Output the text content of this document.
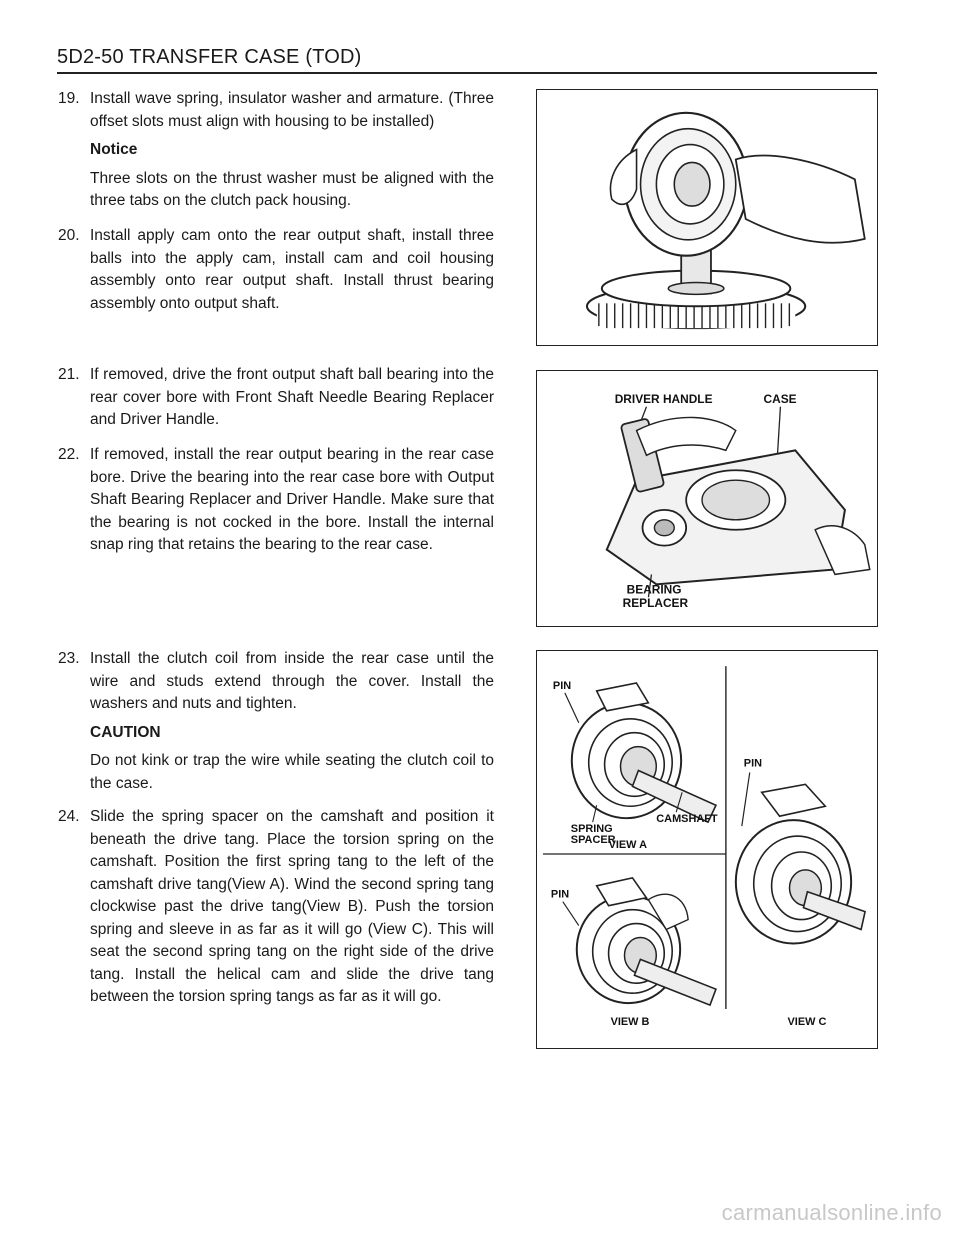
5D2-50 TRANSFER CASE (TOD)
19. Install wave spring, insulator washer and armature. (Three offset slots must align with housing to be installed)
Notice
Three slots on the thrust washer must be aligned with the three tabs on the clutch pack housing.
20. Install apply cam onto the rear output shaft, install three balls into the apply cam, install cam and coil housing assembly onto rear output shaft. Install thrust bearing assembly onto output shaft.
21. If removed, drive the front output shaft ball bearing into the rear cover bore with Front Shaft Needle Bearing Replacer and Driver Handle.
22. If removed, install the rear output bearing in the rear case bore. Drive the bearing into the rear case bore with Output Shaft Bearing Replacer and Driver Handle. Make sure that the bearing is not cocked in the bore. Install the internal snap ring that retains the bearing to the rear case.
23. Install the clutch coil from inside the rear case until the wire and studs extend through the cover. Install the washers and nuts and tighten.
CAUTION
Do not kink or trap the wire while seating the clutch coil to the case.
24. Slide the spring spacer on the camshaft and position it beneath the drive tang. Place the torsion spring on the camshaft. Position the first spring tang to the left of the camshaft drive tang(View A). Wind the second spring tang clockwise past the drive tang(View B). Push the torsion spring and sleeve in as far as it will go (View C). This will seat the second spring tang on the right side of the drive tang. Install the helical cam and slide the drive tang between the torsion spring tangs as far as it will go.
DRIVER HANDLE	CASE
BEARING
REPLACER
PIN
SPRING
SPACER
CAMSHAFT
VIEW A
PIN
VIEW B
PIN
VIEW C
carmanualsonline.info
